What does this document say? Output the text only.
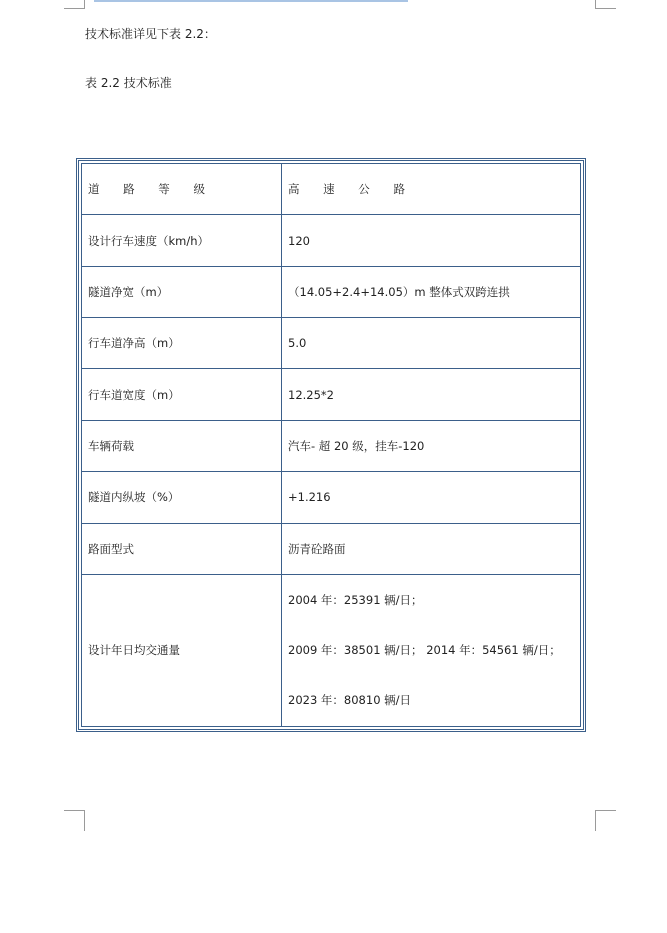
技术标准详见下表 2.2：
表 2.2 技术标准
道 路 等 级	高 速 公 路
设计行车速度（km/h）	120
隧道净宽（m）	（14.05+2.4+14.05）m 整体式双跨连拱
行车道净高（m）	5.0
行车道宽度（m）	12.25*2
车辆荷载	汽车- 超 20 级，挂车-120
隧道内纵坡（%）	+1.216
路面型式	沥青砼路面
设计年日均交通量	2004 年：25391 辆/日；
2009 年：38501 辆/日； 2014 年：54561 辆/日；
2023 年：80810 辆/日
